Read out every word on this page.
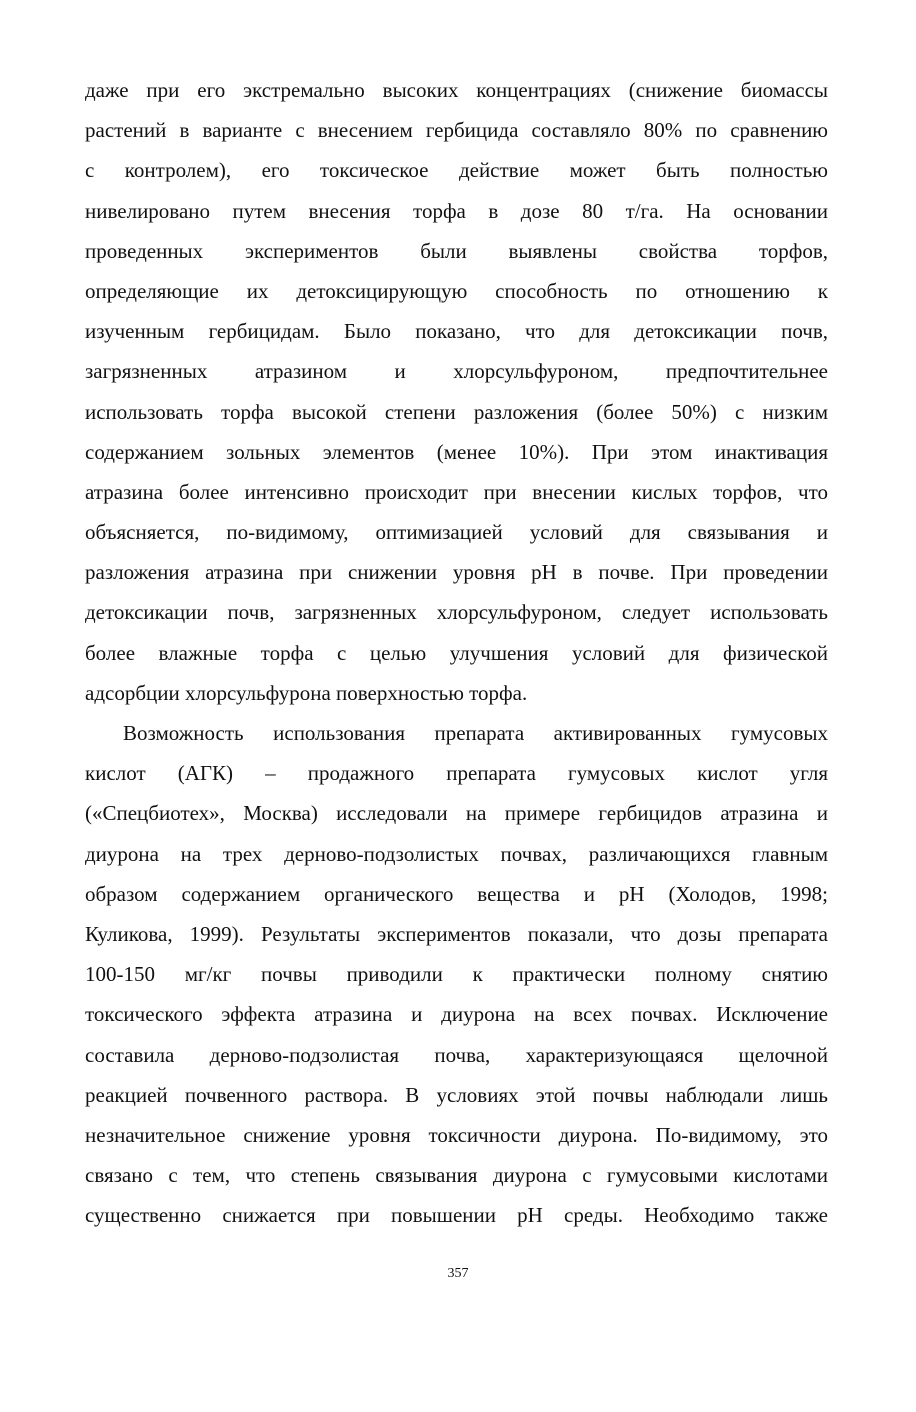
даже при его экстремально высоких концентрациях (снижение биомассы
растений в варианте с внесением гербицида составляло 80% по сравнению
с контролем), его токсическое действие может быть полностью
нивелировано путем внесения торфа в дозе 80 т/га. На основании
проведенных экспериментов были выявлены свойства торфов,
определяющие их детоксицирующую способность по отношению к
изученным гербицидам. Было показано, что для детоксикации почв,
загрязненных атразином и хлорсульфуроном, предпочтительнее
использовать торфа высокой степени разложения (более 50%) с низким
содержанием зольных элементов (менее 10%). При этом инактивация
атразина более интенсивно происходит при внесении кислых торфов, что
объясняется, по-видимому, оптимизацией условий для связывания и
разложения атразина при снижении уровня pH в почве. При проведении
детоксикации почв, загрязненных хлорсульфуроном, следует использовать
более влажные торфа с целью улучшения условий для физической
адсорбции хлорсульфурона поверхностью торфа.
Возможность использования препарата активированных гумусовых
кислот (АГК) – продажного препарата гумусовых кислот угля
(«Спецбиотех», Москва) исследовали на примере гербицидов атразина и
диурона на трех дерново-подзолистых почвах, различающихся главным
образом содержанием органического вещества и pH (Холодов, 1998;
Куликова, 1999). Результаты экспериментов показали, что дозы препарата
100-150 мг/кг почвы приводили к практически полному снятию
токсического эффекта атразина и диурона на всех почвах. Исключение
составила дерново-подзолистая почва, характеризующаяся щелочной
реакцией почвенного раствора. В условиях этой почвы наблюдали лишь
незначительное снижение уровня токсичности диурона. По-видимому, это
связано с тем, что степень связывания диурона с гумусовыми кислотами
существенно снижается при повышении pH среды. Необходимо также
357
